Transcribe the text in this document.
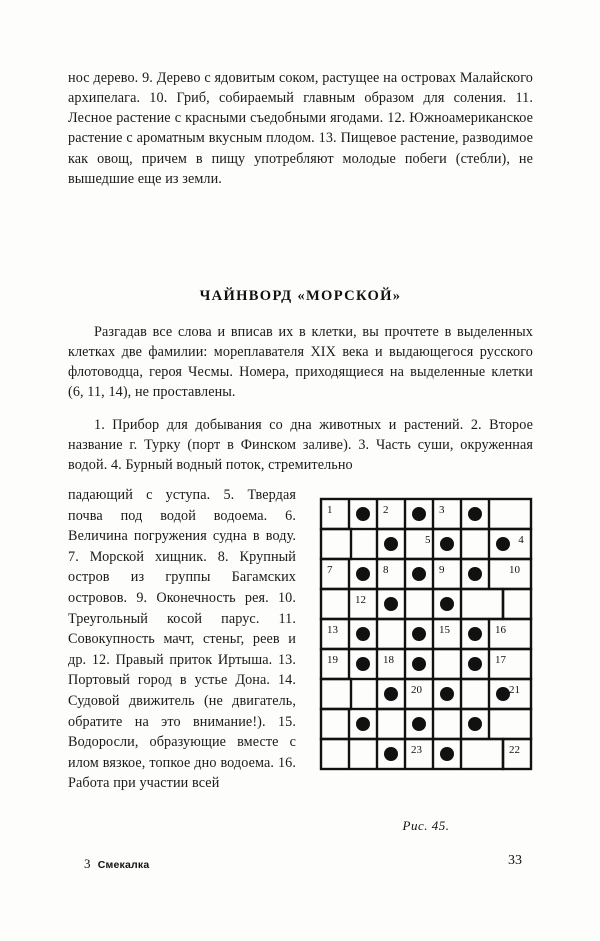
нос дерево. 9. Дерево с ядовитым соком, растущее на островах Малайского архипелага. 10. Гриб, собираемый главным образом для соления. 11. Лесное растение с красными съедобными ягодами. 12. Южноамериканское растение с ароматным вкусным плодом. 13. Пищевое растение, разводимое как овощ, причем в пищу употребляют молодые побеги (стебли), не вышедшие еще из земли.

ЧАЙНВОРД «МОРСКОЙ»

Разгадав все слова и вписав их в клетки, вы прочтете в выделенных клетках две фамилии: мореплавателя XIX века и выдающегося русского флотоводца, героя Чесмы. Номера, приходящиеся на выделенные клетки (6, 11, 14), не проставлены.

1. Прибор для добывания со дна животных и растений. 2. Второе название г. Турку (порт в Финском заливе). 3. Часть суши, окруженная водой. 4. Бурный водный поток, стремительно

падающий с уступа. 5. Твердая почва под водой водоема. 6. Величина погружения судна в воду. 7. Морской хищник. 8. Крупный остров из группы Багамских островов. 9. Оконечность рея. 10. Треугольный косой парус. 11. Совокупность мачт, стеньг, реев и др. 12. Правый приток Иртыша. 13. Портовый город в устье Дона. 14. Судовой движитель (не двигатель, обратите на это внимание!). 15. Водоросли, образующие вместе с илом вязкое, топкое дно водоема. 16. Работа при участии всей

1	2	3
4
5
7	8	9	10
12
13	15	16
19	18	17
20	21
23	22
Рис. 45.
3 Смекалка	33
